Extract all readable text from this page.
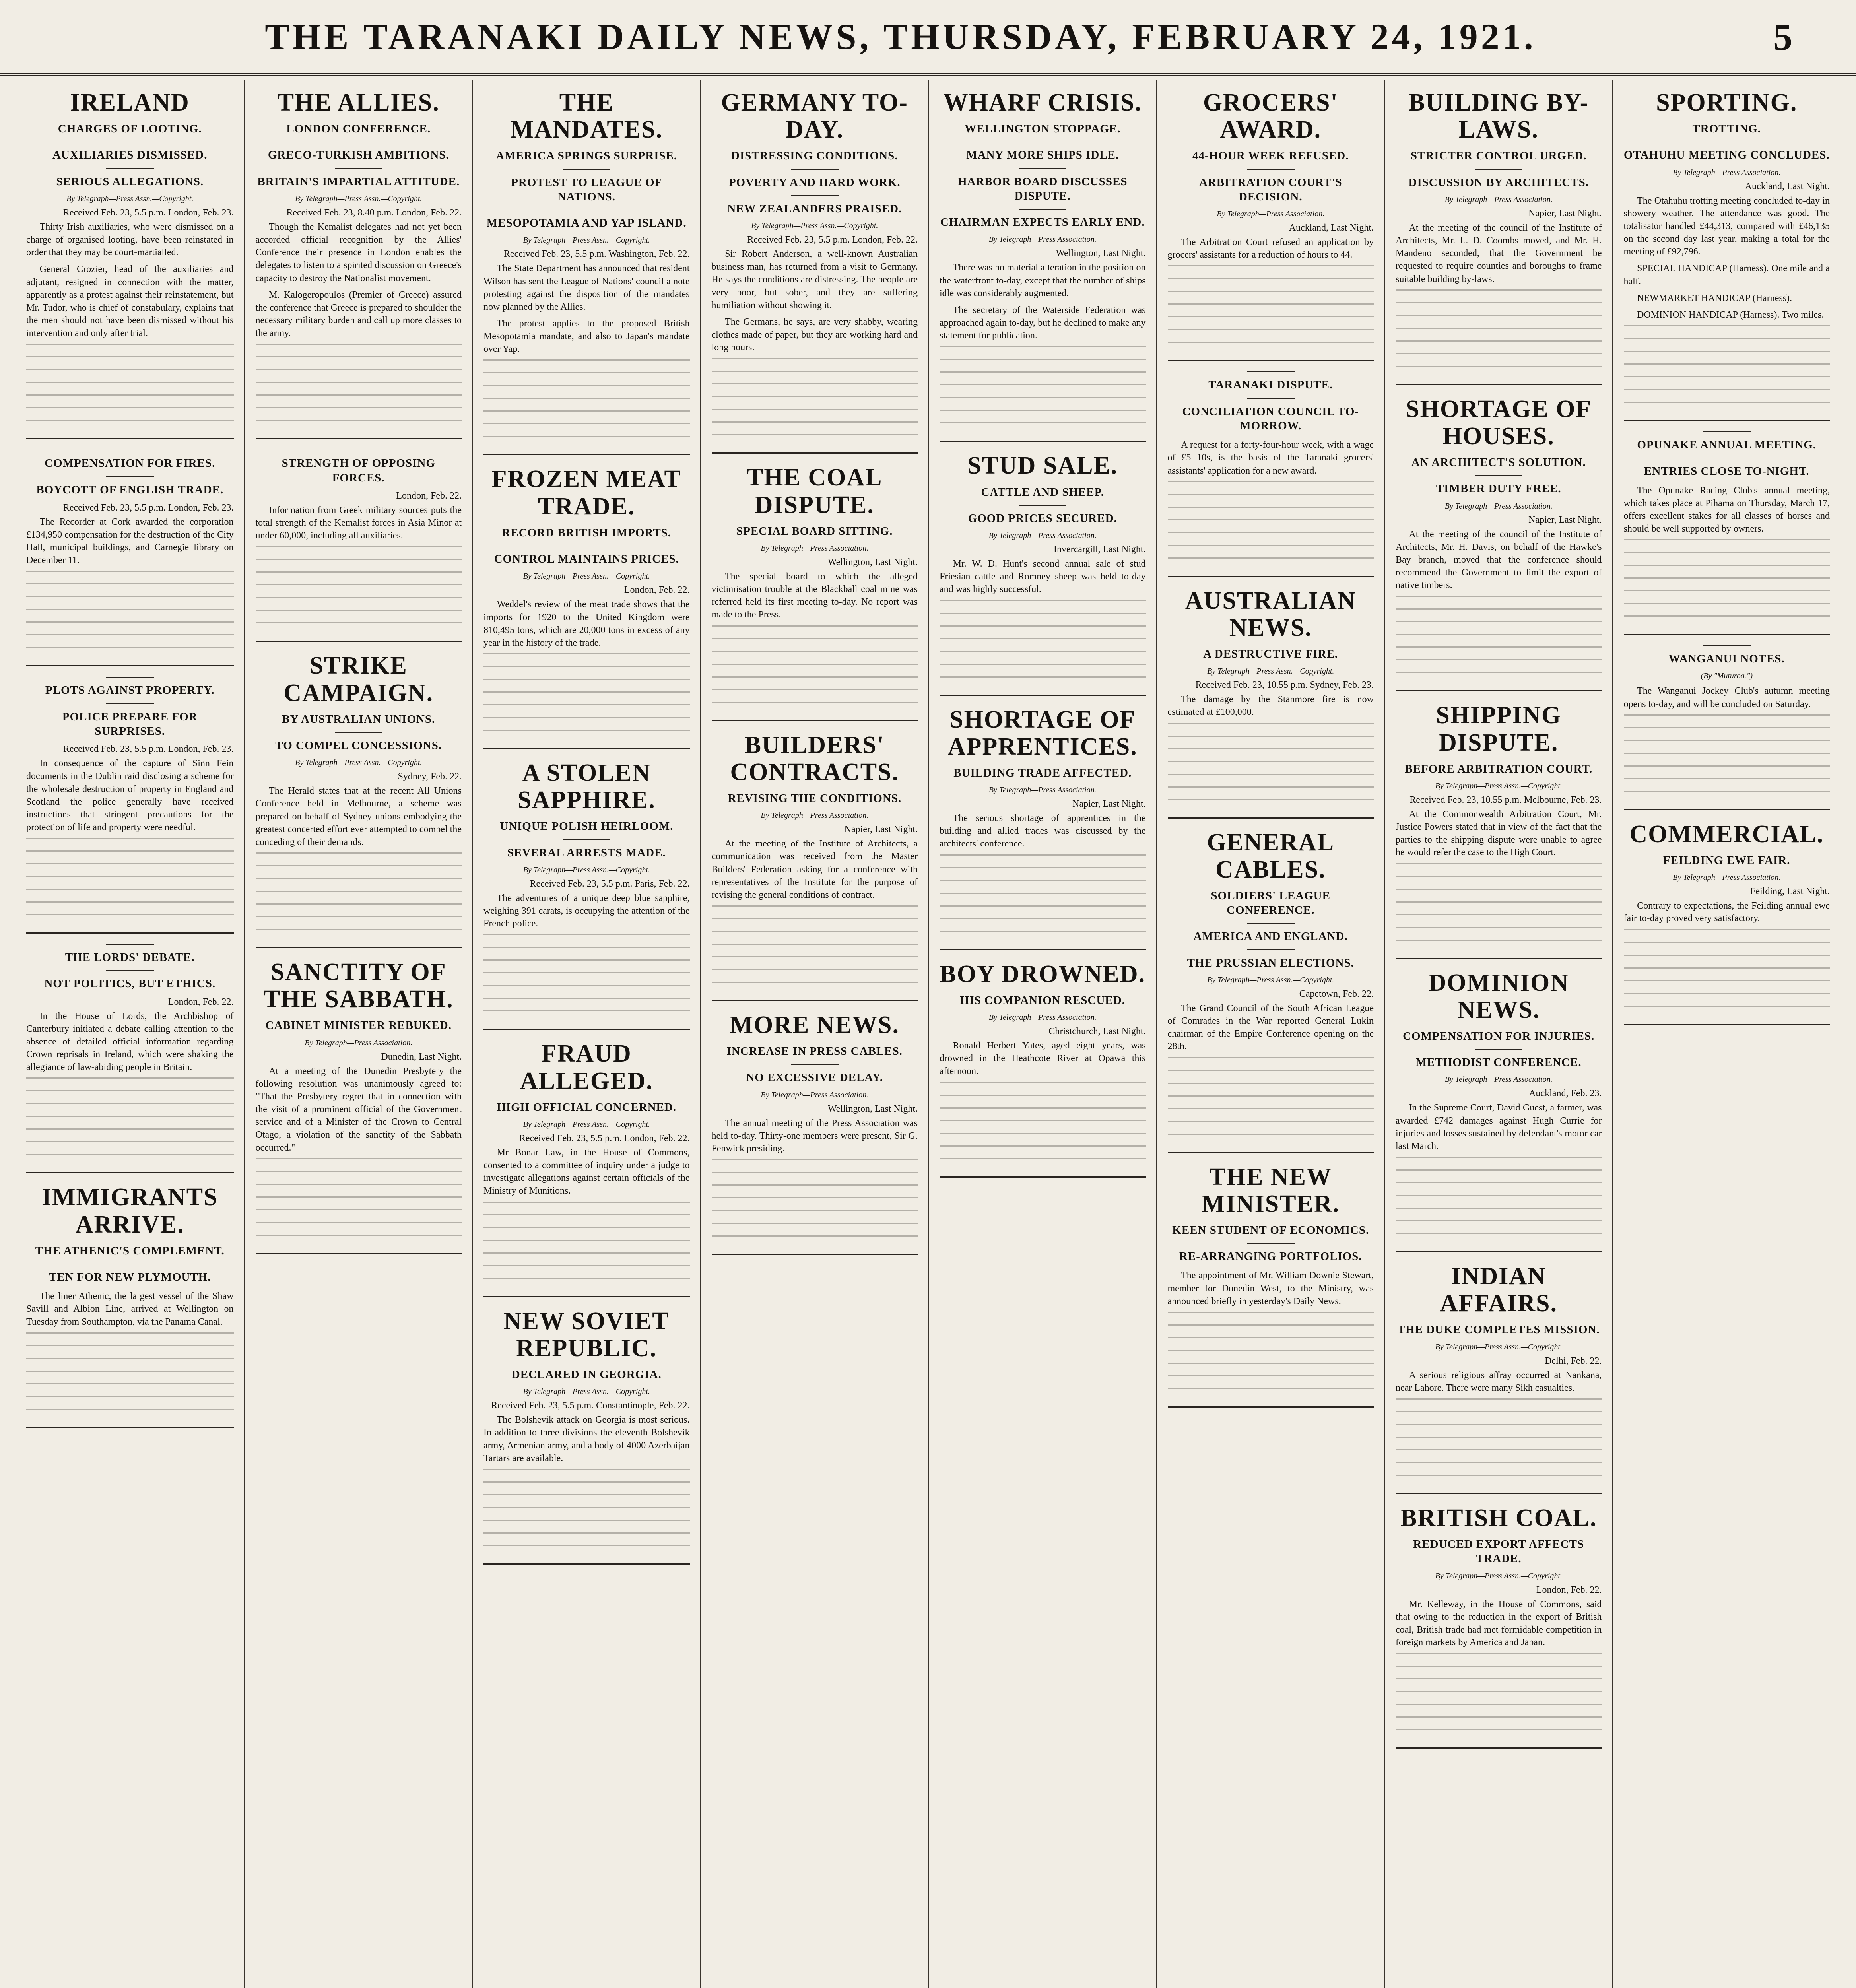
THE TARANAKI DAILY NEWS, THURSDAY, FEBRUARY 24, 1921.	5
IRELAND
CHARGES OF LOOTING.
AUXILIARIES DISMISSED.
SERIOUS ALLEGATIONS.
By Telegraph—Press Assn.—Copyright.
Received Feb. 23, 5.5 p.m. London, Feb. 23.

Thirty Irish auxiliaries, who were dismissed on a charge of organised looting, have been reinstated in order that they may be court-martialled.

General Crozier, head of the auxiliaries and adjutant, resigned in connection with the matter, apparently as a protest against their reinstatement, but Mr. Tudor, who is chief of constabulary, explains that the men should not have been dismissed without his intervention and only after trial.

COMPENSATION FOR FIRES.
BOYCOTT OF ENGLISH TRADE.
Received Feb. 23, 5.5 p.m. London, Feb. 23.

The Recorder at Cork awarded the corporation £134,950 compensation for the destruction of the City Hall, municipal buildings, and Carnegie library on December 11.

PLOTS AGAINST PROPERTY.
POLICE PREPARE FOR SURPRISES.
Received Feb. 23, 5.5 p.m. London, Feb. 23.

In consequence of the capture of Sinn Fein documents in the Dublin raid disclosing a scheme for the wholesale destruction of property in England and Scotland the police generally have received instructions that stringent precautions for the protection of life and property were needful.

THE LORDS' DEBATE.
NOT POLITICS, BUT ETHICS.
London, Feb. 22.

In the House of Lords, the Archbishop of Canterbury initiated a debate calling attention to the absence of detailed official information regarding Crown reprisals in Ireland, which were shaking the allegiance of law-abiding people in Britain.

IMMIGRANTS ARRIVE.
THE ATHENIC'S COMPLEMENT.
TEN FOR NEW PLYMOUTH.

The liner Athenic, the largest vessel of the Shaw Savill and Albion Line, arrived at Wellington on Tuesday from Southampton, via the Panama Canal.

THE ALLIES.
LONDON CONFERENCE.
GRECO-TURKISH AMBITIONS.
BRITAIN'S IMPARTIAL ATTITUDE.
By Telegraph—Press Assn.—Copyright.
Received Feb. 23, 8.40 p.m. London, Feb. 22.

Though the Kemalist delegates had not yet been accorded official recognition by the Allies' Conference their presence in London enables the delegates to listen to a spirited discussion on Greece's capacity to destroy the Nationalist movement.

M. Kalogeropoulos (Premier of Greece) assured the conference that Greece is prepared to shoulder the necessary military burden and call up more classes to the army.

STRENGTH OF OPPOSING FORCES.
London, Feb. 22.

Information from Greek military sources puts the total strength of the Kemalist forces in Asia Minor at under 60,000, including all auxiliaries.

STRIKE CAMPAIGN.
BY AUSTRALIAN UNIONS.
TO COMPEL CONCESSIONS.
By Telegraph—Press Assn.—Copyright.
Sydney, Feb. 22.

The Herald states that at the recent All Unions Conference held in Melbourne, a scheme was prepared on behalf of Sydney unions embodying the greatest concerted effort ever attempted to compel the conceding of their demands.

SANCTITY OF THE SABBATH.
CABINET MINISTER REBUKED.
By Telegraph—Press Association.
Dunedin, Last Night.

At a meeting of the Dunedin Presbytery the following resolution was unanimously agreed to: "That the Presbytery regret that in connection with the visit of a prominent official of the Government service and of a Minister of the Crown to Central Otago, a violation of the sanctity of the Sabbath occurred."

THE MANDATES.
AMERICA SPRINGS SURPRISE.
PROTEST TO LEAGUE OF NATIONS.
MESOPOTAMIA AND YAP ISLAND.
By Telegraph—Press Assn.—Copyright.
Received Feb. 23, 5.5 p.m. Washington, Feb. 22.

The State Department has announced that resident Wilson has sent the League of Nations' council a note protesting against the disposition of the mandates now planned by the Allies.

The protest applies to the proposed British Mesopotamia mandate, and also to Japan's mandate over Yap.

FROZEN MEAT TRADE.
RECORD BRITISH IMPORTS.
CONTROL MAINTAINS PRICES.
By Telegraph—Press Assn.—Copyright.
London, Feb. 22.

Weddel's review of the meat trade shows that the imports for 1920 to the United Kingdom were 810,495 tons, which are 20,000 tons in excess of any year in the history of the trade.

A STOLEN SAPPHIRE.
UNIQUE POLISH HEIRLOOM.
SEVERAL ARRESTS MADE.
By Telegraph—Press Assn.—Copyright.
Received Feb. 23, 5.5 p.m. Paris, Feb. 22.

The adventures of a unique deep blue sapphire, weighing 391 carats, is occupying the attention of the French police.

FRAUD ALLEGED.
HIGH OFFICIAL CONCERNED.
By Telegraph—Press Assn.—Copyright.
Received Feb. 23, 5.5 p.m. London, Feb. 22.

Mr Bonar Law, in the House of Commons, consented to a committee of inquiry under a judge to investigate allegations against certain officials of the Ministry of Munitions.

NEW SOVIET REPUBLIC.
DECLARED IN GEORGIA.
By Telegraph—Press Assn.—Copyright.
Received Feb. 23, 5.5 p.m. Constantinople, Feb. 22.

The Bolshevik attack on Georgia is most serious. In addition to three divisions the eleventh Bolshevik army, Armenian army, and a body of 4000 Azerbaijan Tartars are available.

GERMANY TO-DAY.
DISTRESSING CONDITIONS.
POVERTY AND HARD WORK.
NEW ZEALANDERS PRAISED.
By Telegraph—Press Assn.—Copyright.
Received Feb. 23, 5.5 p.m. London, Feb. 22.

Sir Robert Anderson, a well-known Australian business man, has returned from a visit to Germany. He says the conditions are distressing. The people are very poor, but sober, and they are suffering humiliation without showing it.

The Germans, he says, are very shabby, wearing clothes made of paper, but they are working hard and long hours.

THE COAL DISPUTE.
SPECIAL BOARD SITTING.
By Telegraph—Press Association.
Wellington, Last Night.

The special board to which the alleged victimisation trouble at the Blackball coal mine was referred held its first meeting to-day. No report was made to the Press.

BUILDERS' CONTRACTS.
REVISING THE CONDITIONS.
By Telegraph—Press Association.
Napier, Last Night.

At the meeting of the Institute of Architects, a communication was received from the Master Builders' Federation asking for a conference with representatives of the Institute for the purpose of revising the general conditions of contract.

MORE NEWS.
INCREASE IN PRESS CABLES.
NO EXCESSIVE DELAY.
By Telegraph—Press Association.
Wellington, Last Night.

The annual meeting of the Press Association was held to-day. Thirty-one members were present, Sir G. Fenwick presiding.

WHARF CRISIS.
WELLINGTON STOPPAGE.
MANY MORE SHIPS IDLE.
HARBOR BOARD DISCUSSES DISPUTE.
CHAIRMAN EXPECTS EARLY END.
By Telegraph—Press Association.
Wellington, Last Night.

There was no material alteration in the position on the waterfront to-day, except that the number of ships idle was considerably augmented.

The secretary of the Waterside Federation was approached again to-day, but he declined to make any statement for publication.

STUD SALE.
CATTLE AND SHEEP.
GOOD PRICES SECURED.
By Telegraph—Press Association.
Invercargill, Last Night.

Mr. W. D. Hunt's second annual sale of stud Friesian cattle and Romney sheep was held to-day and was highly successful.

SHORTAGE OF APPRENTICES.
BUILDING TRADE AFFECTED.
By Telegraph—Press Association.
Napier, Last Night.

The serious shortage of apprentices in the building and allied trades was discussed by the architects' conference.

BOY DROWNED.
HIS COMPANION RESCUED.
By Telegraph—Press Association.
Christchurch, Last Night.

Ronald Herbert Yates, aged eight years, was drowned in the Heathcote River at Opawa this afternoon.

GROCERS' AWARD.
44-HOUR WEEK REFUSED.
ARBITRATION COURT'S DECISION.
By Telegraph—Press Association.
Auckland, Last Night.

The Arbitration Court refused an application by grocers' assistants for a reduction of hours to 44.

TARANAKI DISPUTE.
CONCILIATION COUNCIL TO-MORROW.

A request for a forty-four-hour week, with a wage of £5 10s, is the basis of the Taranaki grocers' assistants' application for a new award.

AUSTRALIAN NEWS.
A DESTRUCTIVE FIRE.
By Telegraph—Press Assn.—Copyright.
Received Feb. 23, 10.55 p.m. Sydney, Feb. 23.

The damage by the Stanmore fire is now estimated at £100,000.

GENERAL CABLES.
SOLDIERS' LEAGUE CONFERENCE.
AMERICA AND ENGLAND.
THE PRUSSIAN ELECTIONS.
By Telegraph—Press Assn.—Copyright.
Capetown, Feb. 22.

The Grand Council of the South African League of Comrades in the War reported General Lukin chairman of the Empire Conference opening on the 28th.

THE NEW MINISTER.
KEEN STUDENT OF ECONOMICS.
RE-ARRANGING PORTFOLIOS.

The appointment of Mr. William Downie Stewart, member for Dunedin West, to the Ministry, was announced briefly in yesterday's Daily News.

BUILDING BY-LAWS.
STRICTER CONTROL URGED.
DISCUSSION BY ARCHITECTS.
By Telegraph—Press Association.
Napier, Last Night.

At the meeting of the council of the Institute of Architects, Mr. L. D. Coombs moved, and Mr. H. Mandeno seconded, that the Government be requested to require counties and boroughs to frame suitable building by-laws.

SHORTAGE OF HOUSES.
AN ARCHITECT'S SOLUTION.
TIMBER DUTY FREE.
By Telegraph—Press Association.
Napier, Last Night.

At the meeting of the council of the Institute of Architects, Mr. H. Davis, on behalf of the Hawke's Bay branch, moved that the conference should recommend the Government to limit the export of native timbers.

SHIPPING DISPUTE.
BEFORE ARBITRATION COURT.
By Telegraph—Press Assn.—Copyright.
Received Feb. 23, 10.55 p.m. Melbourne, Feb. 23.

At the Commonwealth Arbitration Court, Mr. Justice Powers stated that in view of the fact that the parties to the shipping dispute were unable to agree he would refer the case to the High Court.

DOMINION NEWS.
COMPENSATION FOR INJURIES.
METHODIST CONFERENCE.
By Telegraph—Press Association.
Auckland, Feb. 23.

In the Supreme Court, David Guest, a farmer, was awarded £742 damages against Hugh Currie for injuries and losses sustained by defendant's motor car last March.

INDIAN AFFAIRS.
THE DUKE COMPLETES MISSION.
By Telegraph—Press Assn.—Copyright.
Delhi, Feb. 22.

A serious religious affray occurred at Nankana, near Lahore. There were many Sikh casualties.

BRITISH COAL.
REDUCED EXPORT AFFECTS TRADE.
By Telegraph—Press Assn.—Copyright.
London, Feb. 22.

Mr. Kelleway, in the House of Commons, said that owing to the reduction in the export of British coal, British trade had met formidable competition in foreign markets by America and Japan.

SPORTING.
TROTTING.
OTAHUHU MEETING CONCLUDES.
By Telegraph—Press Association.
Auckland, Last Night.

The Otahuhu trotting meeting concluded to-day in showery weather. The attendance was good. The totalisator handled £44,313, compared with £46,135 on the second day last year, making a total for the meeting of £92,796.

SPECIAL HANDICAP (Harness). One mile and a half.

NEWMARKET HANDICAP (Harness).

DOMINION HANDICAP (Harness). Two miles.

OPUNAKE ANNUAL MEETING.
ENTRIES CLOSE TO-NIGHT.

The Opunake Racing Club's annual meeting, which takes place at Pihama on Thursday, March 17, offers excellent stakes for all classes of horses and should be well supported by owners.

WANGANUI NOTES.
(By "Muturoa.")

The Wanganui Jockey Club's autumn meeting opens to-day, and will be concluded on Saturday.

COMMERCIAL.
FEILDING EWE FAIR.
By Telegraph—Press Association.
Feilding, Last Night.

Contrary to expectations, the Feilding annual ewe fair to-day proved very satisfactory.
